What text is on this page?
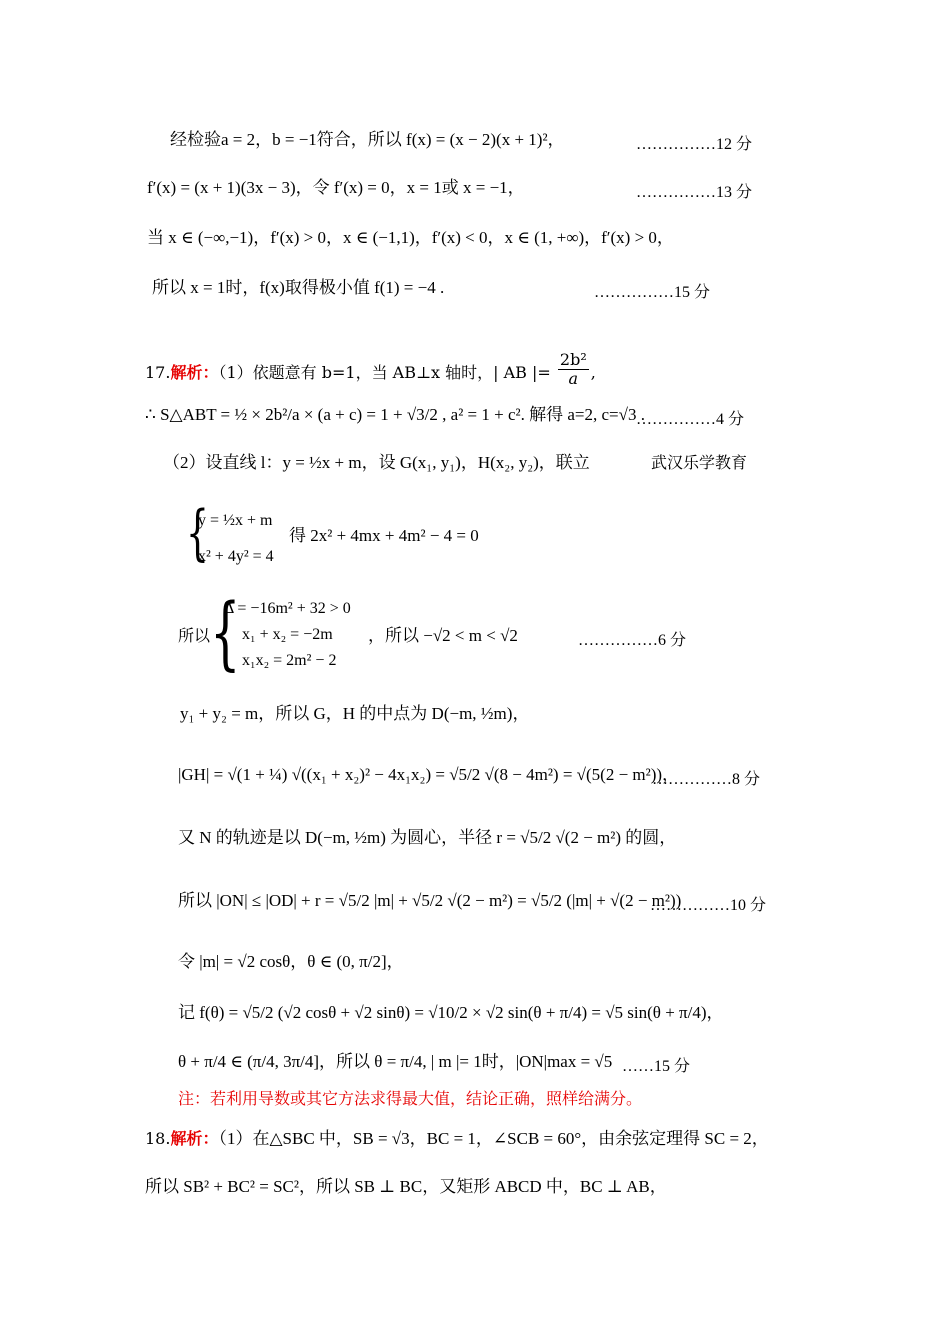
经检验a = 2，b = −1符合，所以 f(x) = (x − 2)(x + 1)²，	……………12 分
f′(x) = (x + 1)(3x − 3)，令 f′(x) = 0，x = 1或 x = −1，	……………13 分
当 x ∈ (−∞,−1)，f′(x) > 0，x ∈ (−1,1)，f′(x) < 0，x ∈ (1, +∞)，f′(x) > 0，
所以 x = 1时，f(x)取得极小值 f(1) = −4 .	……………15 分
17.解析：（1）依题意有 b=1，当 AB⊥x 轴时，| AB |= $\frac{\text{2b²}}{a}$ ,
∴ S△ABT = ½ × 2b²/a × (a + c) = 1 + √3/2 , a² = 1 + c². 解得 a=2, c=√3 .
……………4 分
（2）设直线 l：y = ½x + m，设 G(x₁, y₁)，H(x₂, y₂)，联立	武汉乐学教育
{
y = ½x + m
x² + 4y² = 4
得 2x² + 4mx + 4m² − 4 = 0
所以 {
Δ = −16m² + 32 > 0
x₁ + x₂ = −2m
x₁x₂ = 2m² − 2
，所以 −√2 < m < √2	……………6 分
y₁ + y₂ = m，所以 G，H 的中点为 D(−m, ½m)，
|GH| = √(1 + ¼) √((x₁ + x₂)² − 4x₁x₂) = √5/2 √(8 − 4m²) = √(5(2 − m²))，
……………8 分
又 N 的轨迹是以 D(−m, ½m) 为圆心，半径 r = √5/2 √(2 − m²) 的圆，
所以 |ON| ≤ |OD| + r = √5/2 |m| + √5/2 √(2 − m²) = √5/2 (|m| + √(2 − m²))
……………10 分
令 |m| = √2 cosθ，θ ∈ (0, π/2]，
记 f(θ) = √5/2 (√2 cosθ + √2 sinθ) = √10/2 × √2 sin(θ + π/4) = √5 sin(θ + π/4)，
θ + π/4 ∈ (π/4, 3π/4]，所以 θ = π/4, | m |= 1时，|ON|max = √5 ……15 分
注：若利用导数或其它方法求得最大值，结论正确，照样给满分。
18.解析：（1）在△SBC 中，SB = √3，BC = 1，∠SCB = 60°，由余弦定理得 SC = 2，
所以 SB² + BC² = SC²，所以 SB ⊥ BC，又矩形 ABCD 中，BC ⊥ AB，
